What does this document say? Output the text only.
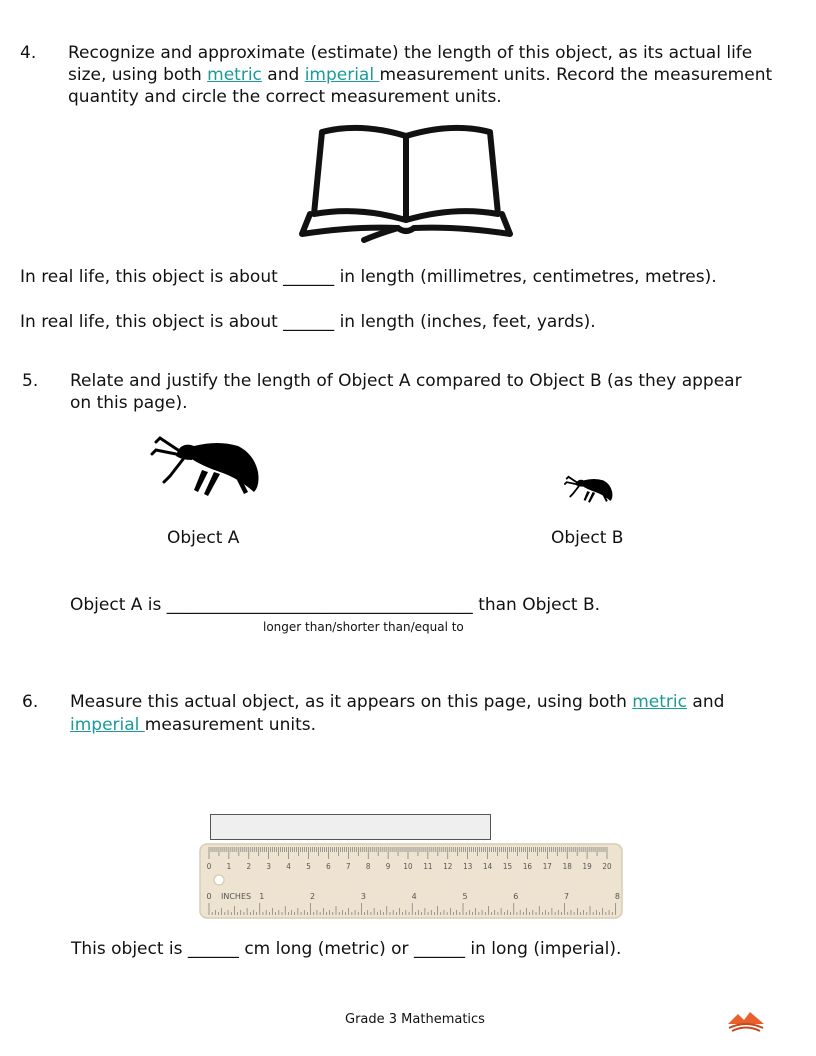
4. Recognize and approximate (estimate) the length of this object, as its actual life
size, using both metric and imperial measurement units. Record the measurement
quantity and circle the correct measurement units.
In real life, this object is about ______ in length (millimetres, centimetres, metres).
In real life, this object is about ______ in length (inches, feet, yards).
5. Relate and justify the length of Object A compared to Object B (as they appear
on this page).
Object A	Object B
Object A is ____________________________________ than Object B.
longer than/shorter than/equal to
6. Measure this actual object, as it appears on this page, using both metric and
imperial measurement units.
0 1 2 3 4 5 6 7 8 9 10 11 12 13 14 15 16 17 18 19 20
0	1	2	3	4	5	6	7	8
INCHES
This object is ______ cm long (metric) or ______ in long (imperial).
Grade 3 Mathematics
